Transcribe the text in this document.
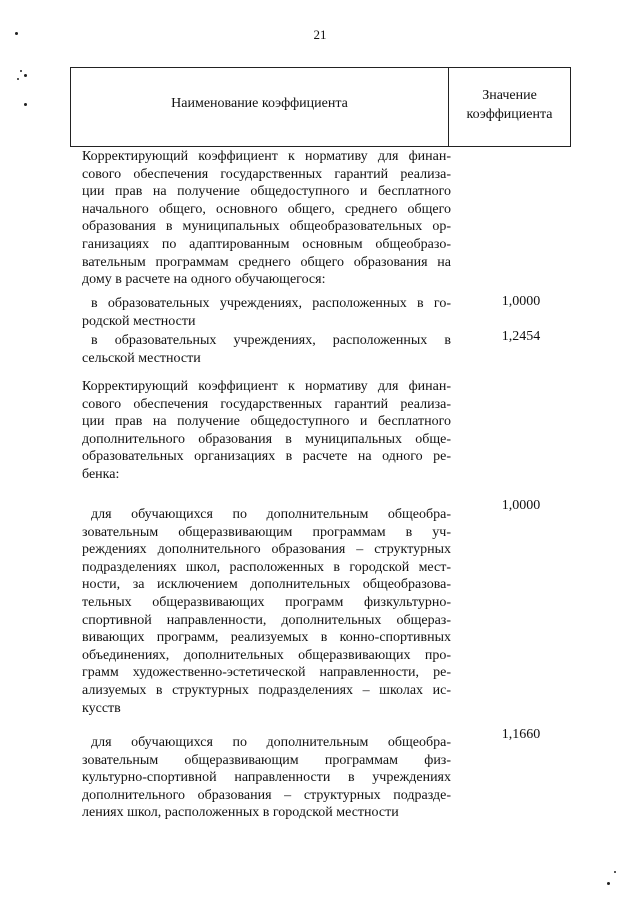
21
Наименование коэффициента
Значение
коэффициента
Корректирующий коэффициент к нормативу для финан-
сового обеспечения государственных гарантий реализа-
ции прав на получение общедоступного и бесплатного
начального общего, основного общего, среднего общего
образования в муниципальных общеобразовательных ор-
ганизациях по адаптированным основным общеобразо-
вательным программам среднего общего образования на
дому в расчете на одного обучающегося:
в образовательных учреждениях, расположенных в го-
родской местности
1,0000
в образовательных учреждениях, расположенных в
сельской местности
1,2454
Корректирующий коэффициент к нормативу для финан-
сового обеспечения государственных гарантий реализа-
ции прав на получение общедоступного и бесплатного
дополнительного образования в муниципальных обще-
образовательных организациях в расчете на одного ре-
бенка:
для обучающихся по дополнительным общеобра-
зовательным общеразвивающим программам в уч-
реждениях дополнительного образования – структурных
подразделениях школ, расположенных в городской мест-
ности, за исключением дополнительных общеобразова-
тельных общеразвивающих программ физкультурно-
спортивной направленности, дополнительных общераз-
вивающих программ, реализуемых в конно-спортивных
объединениях, дополнительных общеразвивающих про-
грамм художественно-эстетической направленности, ре-
ализуемых в структурных подразделениях – школах ис-
кусств
1,0000
для обучающихся по дополнительным общеобра-
зовательным общеразвивающим программам физ-
культурно-спортивной направленности в учреждениях
дополнительного образования – структурных подразде-
лениях школ, расположенных в городской местности
1,1660
